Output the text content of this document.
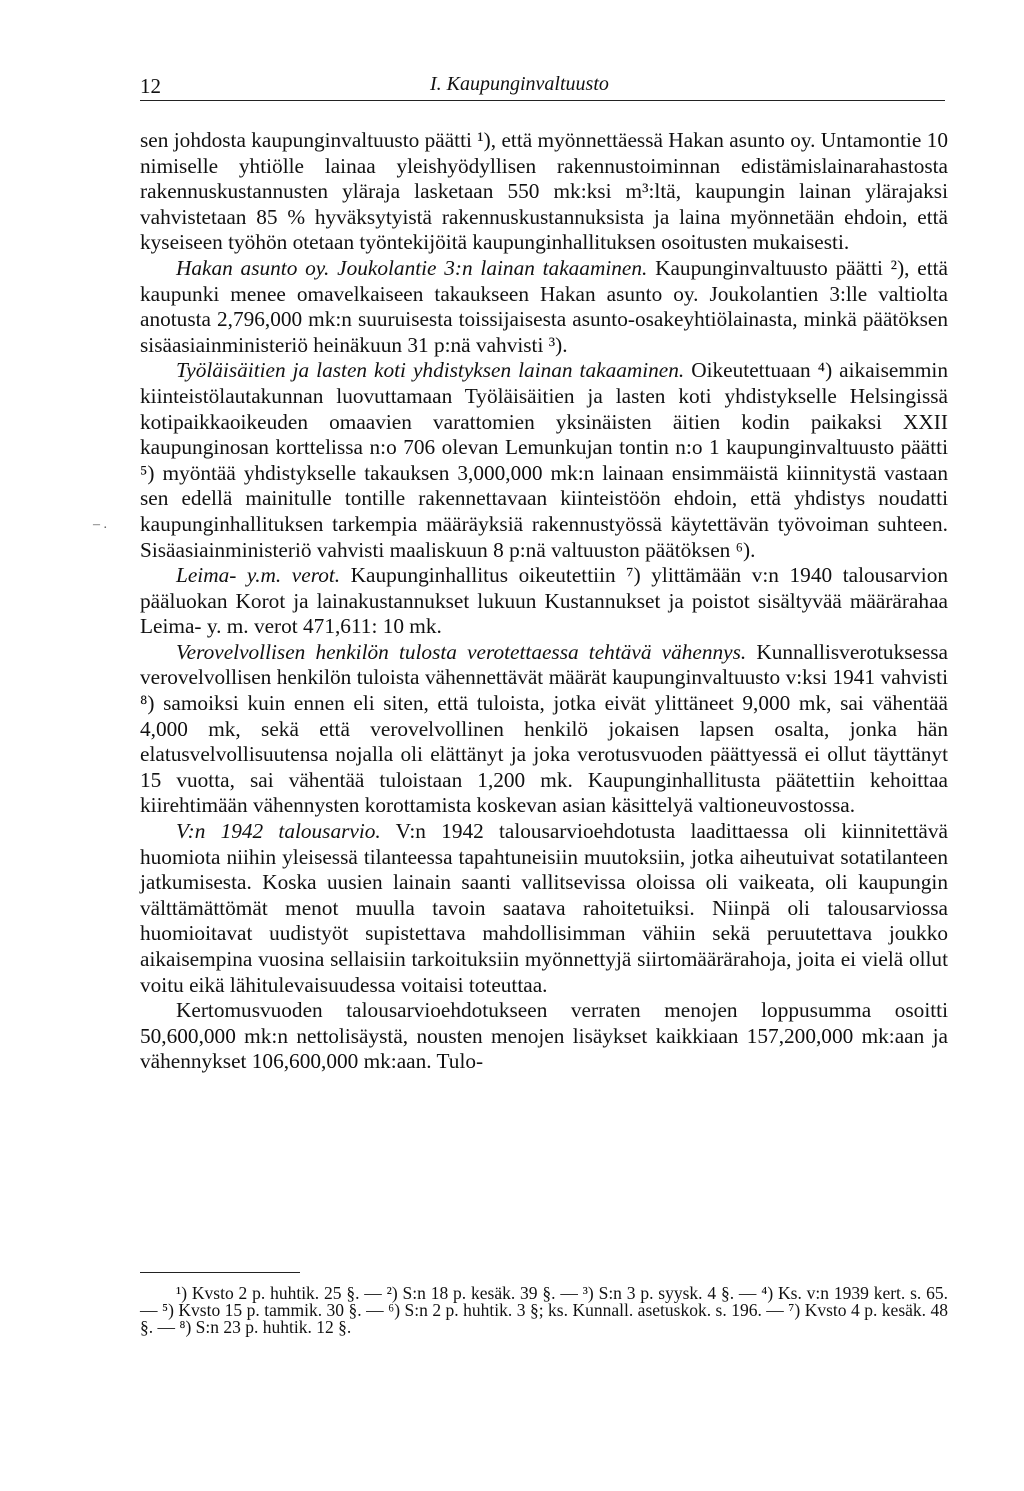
12	I. Kaupunginvaltuusto
– .

sen johdosta kaupunginvaltuusto päätti ¹), että myönnettäessä Hakan asunto oy. Untamontie 10 nimiselle yhtiölle lainaa yleishyödyllisen rakennustoiminnan edistämislainarahastosta rakennuskustannusten yläraja lasketaan 550 mk:ksi m³:ltä, kaupungin lainan ylärajaksi vahvistetaan 85 % hyväksytyistä rakennuskustannuksista ja laina myönnetään ehdoin, että kyseiseen työhön otetaan työntekijöitä kaupunginhallituksen osoitusten mukaisesti.

Hakan asunto oy. Joukolantie 3:n lainan takaaminen. Kaupunginvaltuusto päätti ²), että kaupunki menee omavelkaiseen takaukseen Hakan asunto oy. Joukolantien 3:lle valtiolta anotusta 2,796,000 mk:n suuruisesta toissijaisesta asunto-osakeyhtiölainasta, minkä päätöksen sisäasiainministeriö heinäkuun 31 p:nä vahvisti ³).

Työläisäitien ja lasten koti yhdistyksen lainan takaaminen. Oikeutettuaan ⁴) aikaisemmin kiinteistölautakunnan luovuttamaan Työläisäitien ja lasten koti yhdistykselle Helsingissä kotipaikkaoikeuden omaavien varattomien yksinäisten äitien kodin paikaksi XXII kaupunginosan korttelissa n:o 706 olevan Lemunkujan tontin n:o 1 kaupunginvaltuusto päätti ⁵) myöntää yhdistykselle takauksen 3,000,000 mk:n lainaan ensimmäistä kiinnitystä vastaan sen edellä mainitulle tontille rakennettavaan kiinteistöön ehdoin, että yhdistys noudatti kaupunginhallituksen tarkempia määräyksiä rakennustyössä käytettävän työvoiman suhteen. Sisäasiainministeriö vahvisti maaliskuun 8 p:nä valtuuston päätöksen ⁶).

Leima- y.m. verot. Kaupunginhallitus oikeutettiin ⁷) ylittämään v:n 1940 talousarvion pääluokan Korot ja lainakustannukset lukuun Kustannukset ja poistot sisältyvää määrärahaa Leima- y. m. verot 471,611: 10 mk.

Verovelvollisen henkilön tulosta verotettaessa tehtävä vähennys. Kunnallisverotuksessa verovelvollisen henkilön tuloista vähennettävät määrät kaupunginvaltuusto v:ksi 1941 vahvisti ⁸) samoiksi kuin ennen eli siten, että tuloista, jotka eivät ylittäneet 9,000 mk, sai vähentää 4,000 mk, sekä että verovelvollinen henkilö jokaisen lapsen osalta, jonka hän elatusvelvollisuutensa nojalla oli elättänyt ja joka verotusvuoden päättyessä ei ollut täyttänyt 15 vuotta, sai vähentää tuloistaan 1,200 mk. Kaupunginhallitusta päätettiin kehoittaa kiirehtimään vähennysten korottamista koskevan asian käsittelyä valtioneuvostossa.

V:n 1942 talousarvio. V:n 1942 talousarvioehdotusta laadittaessa oli kiinnitettävä huomiota niihin yleisessä tilanteessa tapahtuneisiin muutoksiin, jotka aiheutuivat sotatilanteen jatkumisesta. Koska uusien lainain saanti vallitsevissa oloissa oli vaikeata, oli kaupungin välttämättömät menot muulla tavoin saatava rahoitetuiksi. Niinpä oli talousarviossa huomioitavat uudistyöt supistettava mahdollisimman vähiin sekä peruutettava joukko aikaisempina vuosina sellaisiin tarkoituksiin myönnettyjä siirtomäärärahoja, joita ei vielä ollut voitu eikä lähitulevaisuudessa voitaisi toteuttaa.

Kertomusvuoden talousarvioehdotukseen verraten menojen loppusumma osoitti 50,600,000 mk:n nettolisäystä, nousten menojen lisäykset kaikkiaan 157,200,000 mk:aan ja vähennykset 106,600,000 mk:aan. Tulo-

¹) Kvsto 2 p. huhtik. 25 §. — ²) S:n 18 p. kesäk. 39 §. — ³) S:n 3 p. syysk. 4 §. — ⁴) Ks. v:n 1939 kert. s. 65. — ⁵) Kvsto 15 p. tammik. 30 §. — ⁶) S:n 2 p. huhtik. 3 §; ks. Kunnall. asetuskok. s. 196. — ⁷) Kvsto 4 p. kesäk. 48 §. — ⁸) S:n 23 p. huhtik. 12 §.
